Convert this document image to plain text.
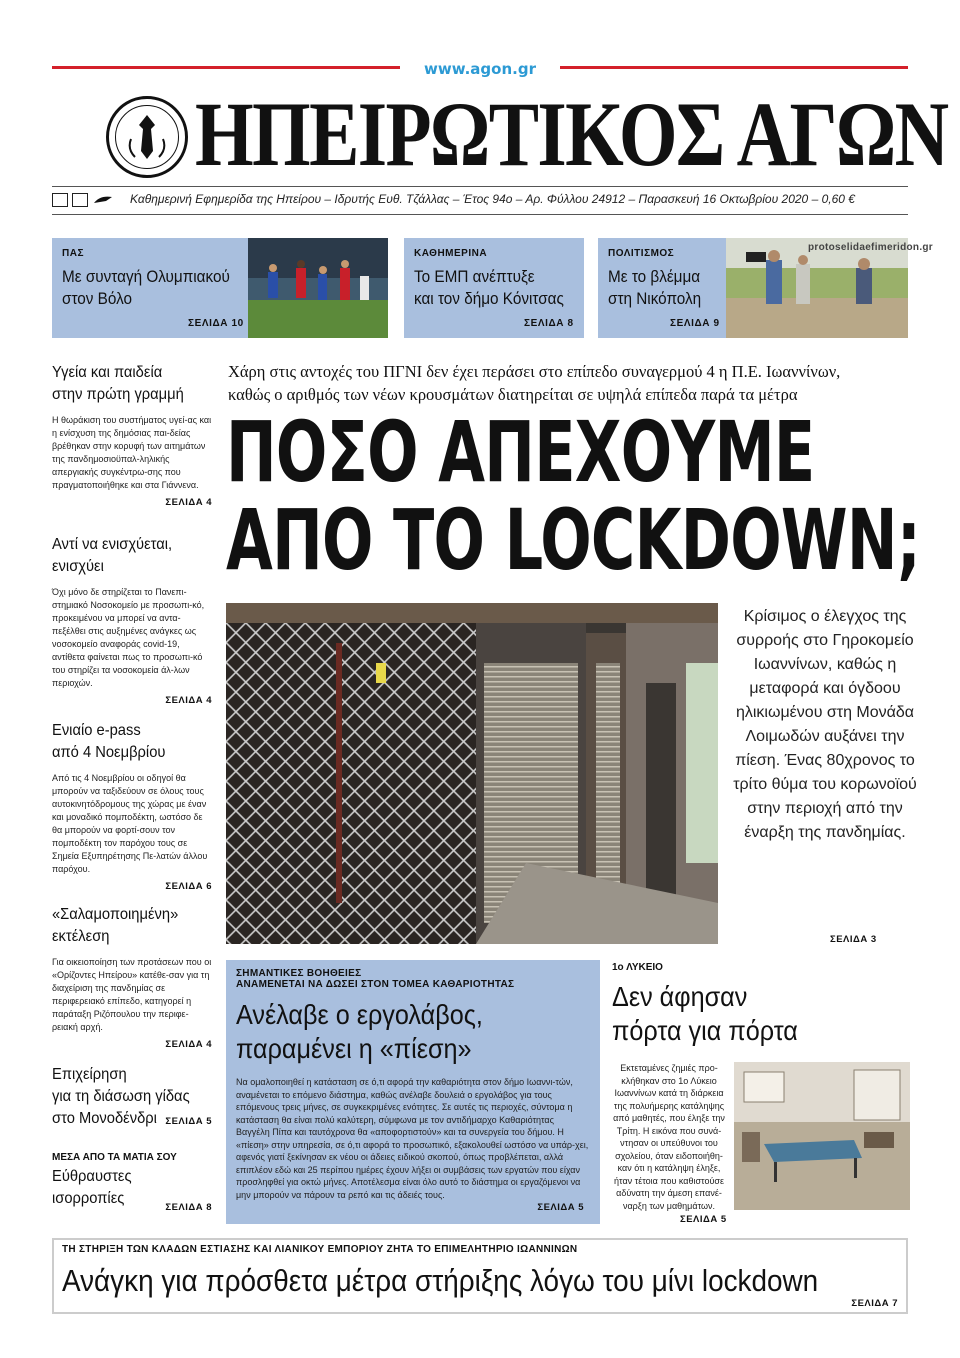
www.agon.gr
ΗΠΕΙΡΩΤΙΚΟΣ ΑΓΩΝ
Καθημερινή Εφημερίδα της Ηπείρου – Ιδρυτής Ευθ. Τζάλλας – Έτος 94ο – Αρ. Φύλλου 24912 – Παρασκευή 16 Οκτωβρίου 2020 – 0,60 €
ΠΑΣ
Με συνταγή Ολυμπιακού
στον Βόλο
ΣΕΛΙΔΑ 10
ΚΑΘΗΜΕΡΙΝΑ
Το ΕΜΠ ανέπτυξε
και τον δήμο Κόνιτσας
ΣΕΛΙΔΑ 8
ΠΟΛΙΤΙΣΜΟΣ
Με το βλέμμα
στη Νικόπολη
ΣΕΛΙΔΑ 9
protoselidaefimeridon.gr
Υγεία και παιδεία
στην πρώτη γραμμή
Η θωράκιση του συστήματος υγεί-ας και η ενίσχυση της δημόσιας παι-δείας βρέθηκαν στην κορυφή των αιτημάτων της πανδημοσιοϋπαλ-ληλικής απεργιακής συγκέντρω-σης που πραγματοποιήθηκε και στα Γιάννενα.
ΣΕΛΙΔΑ 4
Αντί να ενισχύεται,
ενισχύει
Όχι μόνο δε στηρίζεται το Πανεπι-στημιακό Νοσοκομείο με προσωπι-κό, προκειμένου να μπορεί να αντα-πεξέλθει στις αυξημένες ανάγκες ως νοσοκομείο αναφοράς covid-19, αντίθετα φαίνεται πως το προσωπι-κό του στηρίζει τα νοσοκομεία άλ-λων περιοχών.
ΣΕΛΙΔΑ 4
Ενιαίο e-pass
από 4 Νοεμβρίου
Από τις 4 Νοεμβρίου οι οδηγοί θα μπορούν να ταξιδεύουν σε όλους τους αυτοκινητόδρομους της χώρας με έναν και μοναδικό πομποδέκτη, ωστόσο δε θα μπορούν να φορτί-σουν τον πομποδέκτη τον παρόχου τους σε Σημεία Εξυπηρέτησης Πε-λατών άλλου παρόχου.
ΣΕΛΙΔΑ 6
«Σαλαμοποιημένη»
εκτέλεση
Για οικειοποίηση των προτάσεων που οι «Ορίζοντες Ηπείρου» κατέθε-σαν για τη διαχείριση της πανδημίας σε περιφερειακό επίπεδο, κατηγορεί η παράταξη Ριζόπουλου την περιφε-ρειακή αρχή.
ΣΕΛΙΔΑ 4
Επιχείρηση
για τη διάσωση γίδας
στο Μονοδένδρι ΣΕΛΙΔΑ 5
ΜΕΣΑ ΑΠΟ ΤΑ ΜΑΤΙΑ ΣΟΥ
Εύθραυστες
ισορροπίες
ΣΕΛΙΔΑ 8
Χάρη στις αντοχές του ΠΓΝΙ δεν έχει περάσει στο επίπεδο συναγερμού 4 η Π.Ε. Ιωαννίνων,
καθώς ο αριθμός των νέων κρουσμάτων διατηρείται σε υψηλά επίπεδα παρά τα μέτρα
ΠΟΣΟ ΑΠΕΧΟΥΜΕ
ΑΠΟ ΤΟ LOCKDOWN;
Κρίσιμος ο έλεγχος της συρροής στο Γηροκομείο Ιωαννίνων, καθώς η μεταφορά και όγδοου ηλικιωμένου στη Μονάδα Λοιμωδών αυξάνει την πίεση. Ένας 80χρονος το τρίτο θύμα του κορωνοϊού στην περιοχή από την έναρξη της πανδημίας.
ΣΕΛΙΔΑ 3
ΣΗΜΑΝΤΙΚΕΣ ΒΟΗΘΕΙΕΣ
ΑΝΑΜΕΝΕΤΑΙ ΝΑ ΔΩΣΕΙ ΣΤΟΝ ΤΟΜΕΑ ΚΑΘΑΡΙΟΤΗΤΑΣ
Ανέλαβε ο εργολάβος,
παραμένει η «πίεση»
Να ομαλοποιηθεί η κατάσταση σε ό,τι αφορά την καθαριότητα στον δήμο Ιωαννι-τών, αναμένεται το επόμενο διάστημα, καθώς ανέλαβε δουλειά ο εργολάβος για τους επόμενους τρεις μήνες, σε συγκεκριμένες ενότητες. Σε αυτές τις περιοχές, σύντομα η κατάσταση θα είναι πολύ καλύτερη, σύμφωνα με τον αντιδήμαρχο Καθαριότητας Βαγγέλη Πίπα και ταυτόχρονα θα «αποφορτιστούν» και τα συνεργεία του δήμου. Η «πίεση» στην υπηρεσία, σε ό,τι αφορά το προσωπικό, εξακολουθεί ωστόσο να υπάρ-χει, αφενός γιατί ξεκίνησαν εκ νέου οι άδειες ειδικού σκοπού, όπως προβλέπεται, αλλά επιπλέον εδώ και 25 περίπου ημέρες έχουν λήξει οι συμβάσεις των εργατών που είχαν προσληφθεί για οκτώ μήνες. Αποτέλεσμα είναι όλο αυτό το διάστημα οι εργαζόμενοι να μην μπορούν να πάρουν τα ρεπό και τις άδειές τους.
ΣΕΛΙΔΑ 5
1ο ΛΥΚΕΙΟ
Δεν άφησαν
πόρτα για πόρτα
Εκτεταμένες ζημιές προ-κλήθηκαν στο 1ο Λύκειο Ιωαννίνων κατά τη διάρκεια της πολυήμερης κατάληψης από μαθητές, που έληξε την Τρίτη. Η εικόνα που συνά-ντησαν οι υπεύθυνοι του σχολείου, όταν ειδοποιήθη-καν ότι η κατάληψη έληξε, ήταν τέτοια που καθιστούσε αδύνατη την άμεση επανέ-ναρξη των μαθημάτων.
ΣΕΛΙΔΑ 5
ΤΗ ΣΤΗΡΙΞΗ ΤΩΝ ΚΛΑΔΩΝ ΕΣΤΙΑΣΗΣ ΚΑΙ ΛΙΑΝΙΚΟΥ ΕΜΠΟΡΙΟΥ ΖΗΤΑ ΤΟ ΕΠΙΜΕΛΗΤΗΡΙΟ ΙΩΑΝΝΙΝΩΝ
Ανάγκη για πρόσθετα μέτρα στήριξης λόγω του μίνι lockdown
ΣΕΛΙΔΑ 7
